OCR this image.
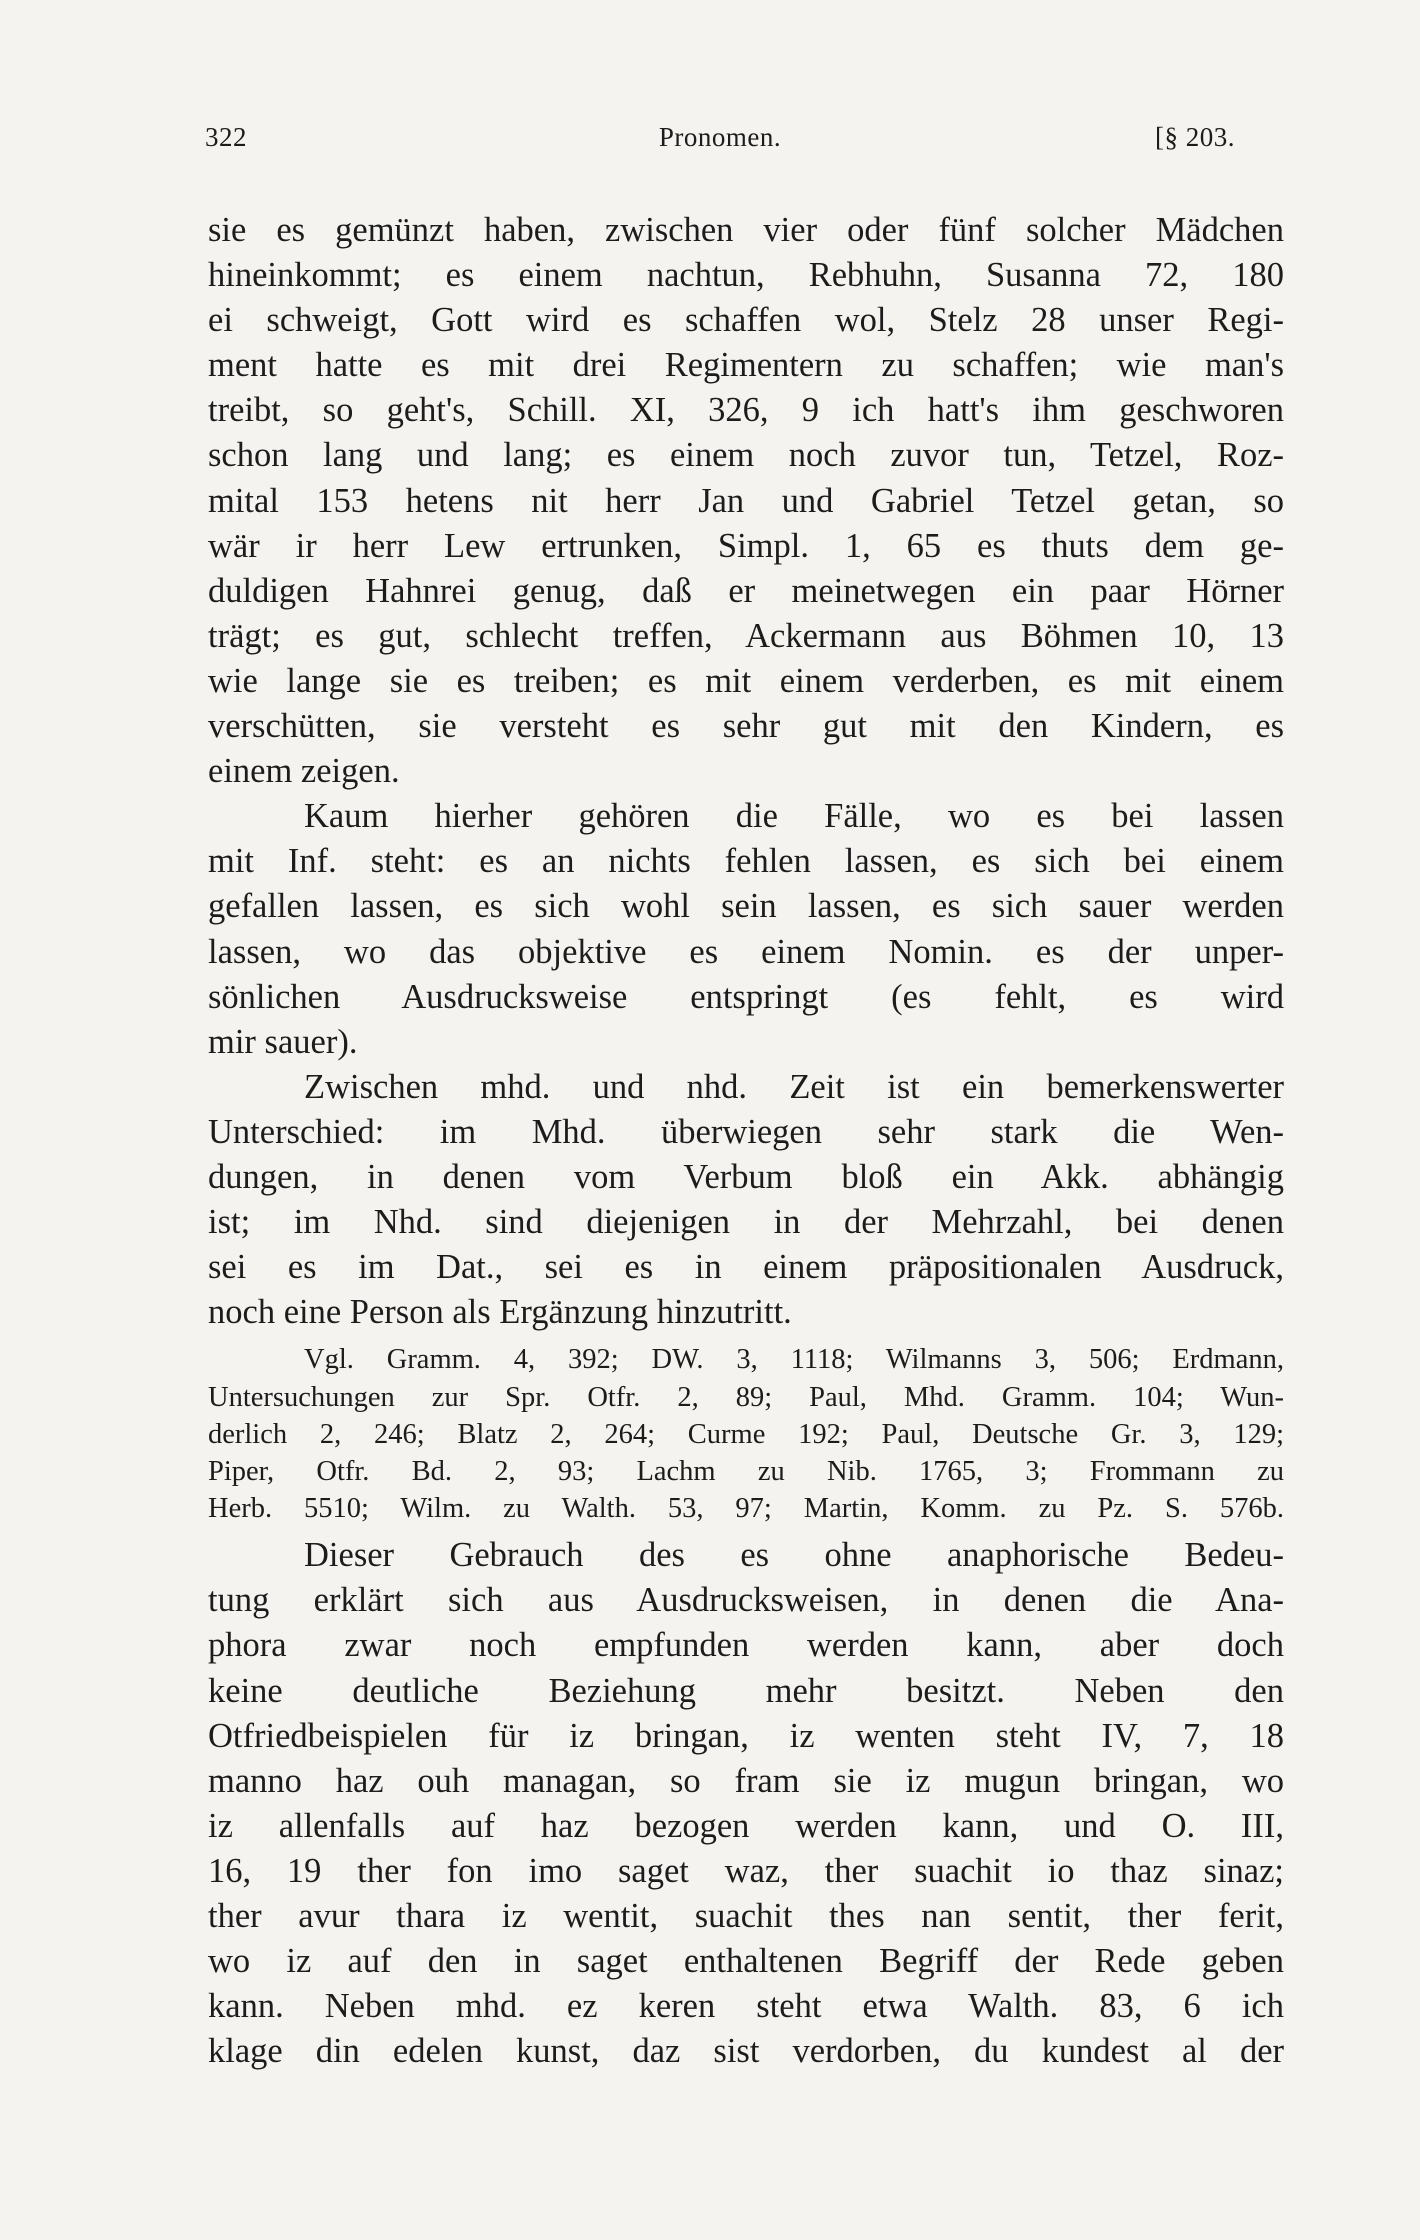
322	Pronomen.	[§ 203.
sie es gemünzt haben, zwischen vier oder fünf solcher Mädchen
hineinkommt; es einem nachtun, Rebhuhn, Susanna 72, 180
ei schweigt, Gott wird es schaffen wol, Stelz 28 unser Regi-
ment hatte es mit drei Regimentern zu schaffen; wie man's
treibt, so geht's, Schill. XI, 326, 9 ich hatt's ihm geschworen
schon lang und lang; es einem noch zuvor tun, Tetzel, Roz-
mital 153 hetens nit herr Jan und Gabriel Tetzel getan, so
wär ir herr Lew ertrunken, Simpl. 1, 65 es thuts dem ge-
duldigen Hahnrei genug, daß er meinetwegen ein paar Hörner
trägt; es gut, schlecht treffen, Ackermann aus Böhmen 10, 13
wie lange sie es treiben; es mit einem verderben, es mit einem
verschütten, sie versteht es sehr gut mit den Kindern, es
einem zeigen.
Kaum hierher gehören die Fälle, wo es bei lassen
mit Inf. steht: es an nichts fehlen lassen, es sich bei einem
gefallen lassen, es sich wohl sein lassen, es sich sauer werden
lassen, wo das objektive es einem Nomin. es der unper-
sönlichen Ausdrucksweise entspringt (es fehlt, es wird
mir sauer).
Zwischen mhd. und nhd. Zeit ist ein bemerkenswerter
Unterschied: im Mhd. überwiegen sehr stark die Wen-
dungen, in denen vom Verbum bloß ein Akk. abhängig
ist; im Nhd. sind diejenigen in der Mehrzahl, bei denen
sei es im Dat., sei es in einem präpositionalen Ausdruck,
noch eine Person als Ergänzung hinzutritt.
Vgl. Gramm. 4, 392; DW. 3, 1118; Wilmanns 3, 506; Erdmann,
Untersuchungen zur Spr. Otfr. 2, 89; Paul, Mhd. Gramm. 104; Wun-
derlich 2, 246; Blatz 2, 264; Curme 192; Paul, Deutsche Gr. 3, 129;
Piper, Otfr. Bd. 2, 93; Lachm zu Nib. 1765, 3; Frommann zu
Herb. 5510; Wilm. zu Walth. 53, 97; Martin, Komm. zu Pz. S. 576b.
Dieser Gebrauch des es ohne anaphorische Bedeu-
tung erklärt sich aus Ausdrucksweisen, in denen die Ana-
phora zwar noch empfunden werden kann, aber doch
keine deutliche Beziehung mehr besitzt. Neben den
Otfriedbeispielen für iz bringan, iz wenten steht IV, 7, 18
manno haz ouh managan, so fram sie iz mugun bringan, wo
iz allenfalls auf haz bezogen werden kann, und O. III,
16, 19 ther fon imo saget waz, ther suachit io thaz sinaz;
ther avur thara iz wentit, suachit thes nan sentit, ther ferit,
wo iz auf den in saget enthaltenen Begriff der Rede geben
kann. Neben mhd. ez keren steht etwa Walth. 83, 6 ich
klage din edelen kunst, daz sist verdorben, du kundest al der
